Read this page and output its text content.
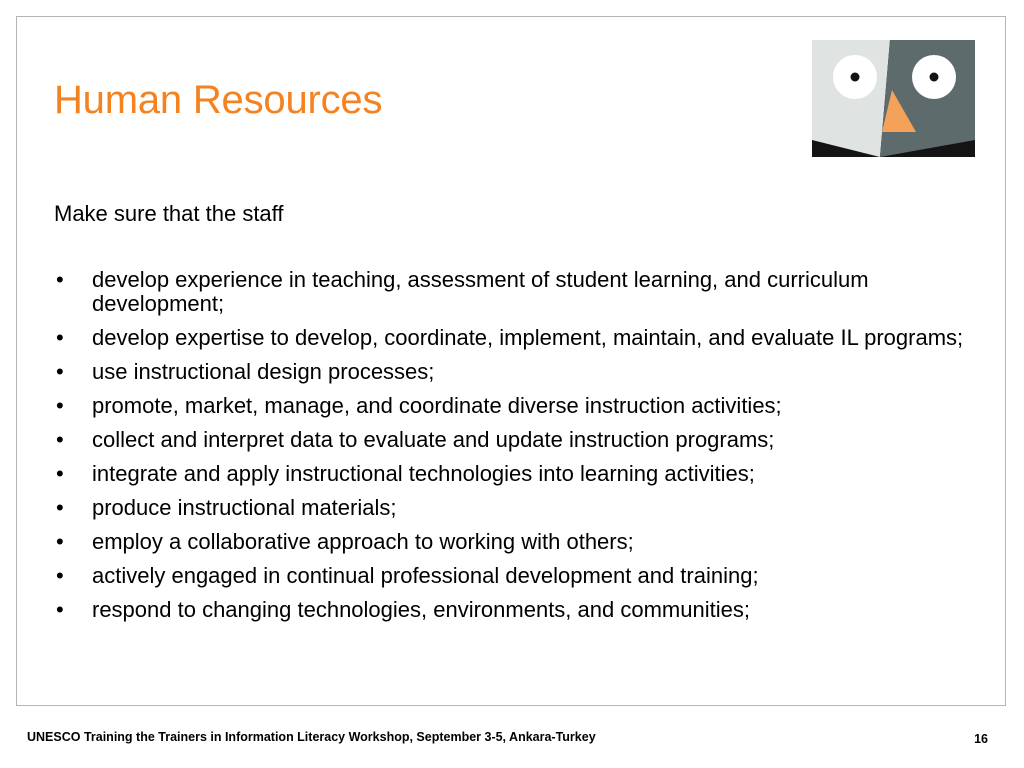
Human Resources

Make sure that the staff

• develop experience in teaching, assessment of student learning, and curriculum development;
• develop expertise to develop, coordinate, implement, maintain, and evaluate IL programs;
• use instructional design processes;
• promote, market, manage, and coordinate diverse instruction activities;
• collect and interpret data to evaluate and update instruction programs;
• integrate and apply instructional technologies into learning activities;
• produce instructional materials;
• employ a collaborative approach to working with others;
• actively engaged in continual professional development and training;
• respond to changing technologies, environments, and communities;
UNESCO Training the Trainers in Information Literacy Workshop, September 3-5, Ankara-Turkey	16
